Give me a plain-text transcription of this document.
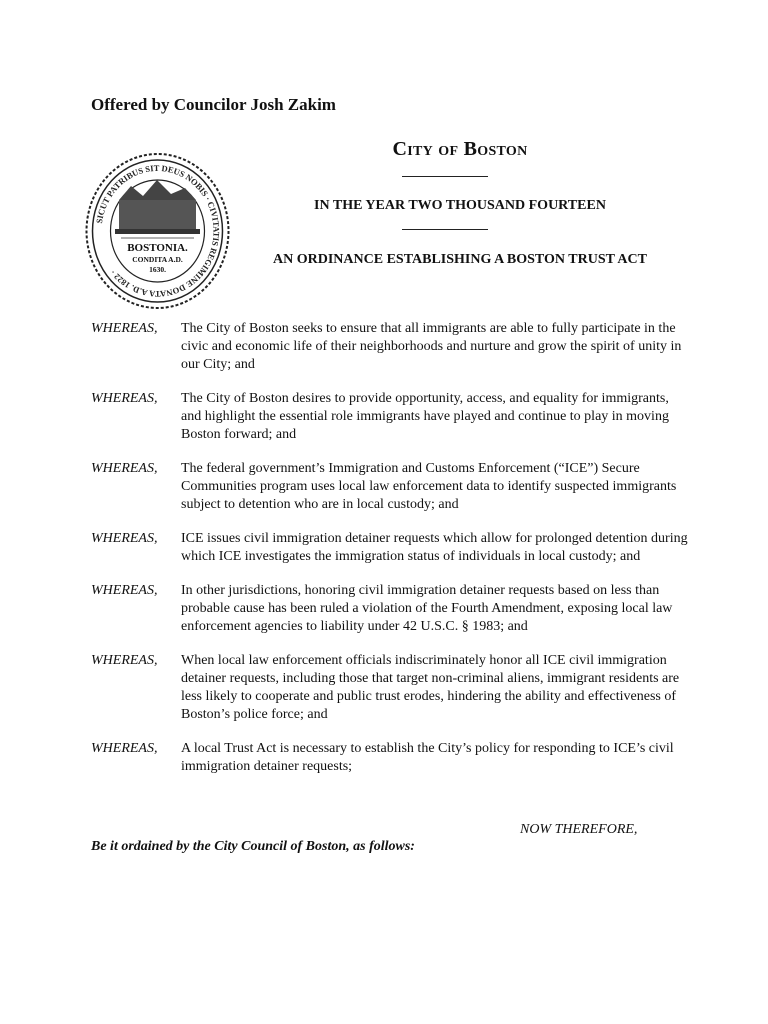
Offered by Councilor Josh Zakim
SICUT PATRIBUS SIT DEUS NOBIS · CIVITATIS REGIMINE DONATA A.D. 1822 ·
BOSTONIA.
CONDITA A.D.
1630.
City of Boston
IN THE YEAR TWO THOUSAND FOURTEEN
AN ORDINANCE ESTABLISHING A BOSTON TRUST ACT
WHEREAS,	The City of Boston seeks to ensure that all immigrants are able to fully participate in the civic and economic life of their neighborhoods and nurture and grow the spirit of unity in our City; and
WHEREAS,	The City of Boston desires to provide opportunity, access, and equality for immigrants, and highlight the essential role immigrants have played and continue to play in moving Boston forward; and
WHEREAS,	The federal government’s Immigration and Customs Enforcement (“ICE”) Secure Communities program uses local law enforcement data to identify suspected immigrants subject to detention who are in local custody; and
WHEREAS,	ICE issues civil immigration detainer requests which allow for prolonged detention during which ICE investigates the immigration status of individuals in local custody; and
WHEREAS,	In other jurisdictions, honoring civil immigration detainer requests based on less than probable cause has been ruled a violation of the Fourth Amendment, exposing local law enforcement agencies to liability under 42 U.S.C. § 1983; and
WHEREAS,	When local law enforcement officials indiscriminately honor all ICE civil immigration detainer requests, including those that target non-criminal aliens, immigrant residents are less likely to cooperate and public trust erodes, hindering the ability and effectiveness of Boston’s police force; and
WHEREAS,	A local Trust Act is necessary to establish the City’s policy for responding to ICE’s civil immigration detainer requests;
NOW THEREFORE,
Be it ordained by the City Council of Boston, as follows:
